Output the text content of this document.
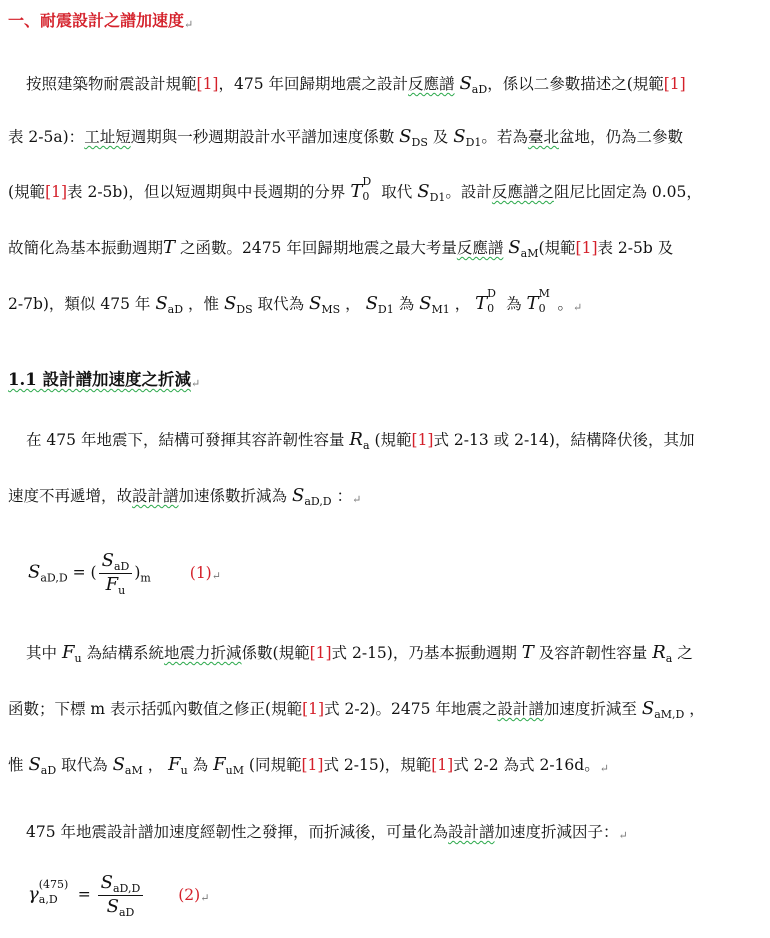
一、耐震設計之譜加速度↵
按照建築物耐震設計規範[1]，475 年回歸期地震之設計反應譜 $S_{aD}$，係以二參數描述之(規範[1]
表 2-5a)：工址短週期與一秒週期設計水平譜加速度係數 $S_{DS}$ 及 $S_{D1}$。若為臺北盆地，仍為二參數
(規範[1]表 2-5b)，但以短週期與中長週期的分界 T D
0 取代 $S_{D1}$。設計反應譜之阻尼比固定為 0.05，
故簡化為基本振動週期T 之函數。2475 年回歸期地震之最大考量反應譜 $S_{aM}$(規範[1]表 2-5b 及
2-7b)，類似 475 年 $S_{aD}$ ，惟 $S_{DS}$ 取代為 $S_{MS}$ ， $S_{D1}$ 為 $S_{M1}$ ， T D
0 為 T M
0 。↵
1.1 設計譜加速度之折減↵
在 475 年地震下，結構可發揮其容許韌性容量 $R_a$ (規範[1]式 2-13 或 2-14)，結構降伏後，其加
速度不再遞增，故設計譜加速係數折減為 $S_{aD,D}$ ：↵
$S_{aD,D}$ = ( $\frac{S_{aD}}{F_u} )_m$	(1)↵
其中 $F_u$ 為結構系統地震力折減係數(規範[1]式 2-15)，乃基本振動週期 T 及容許韌性容量 $R_a$ 之
函數；下標 m 表示括弧內數值之修正(規範[1]式 2-2)。2475 年地震之設計譜加速度折減至 $S_{aM,D}$ ，
惟 $S_{aD}$ 取代為 $S_{aM}$ ， $F_u$ 為 $F_{uM}$ (同規範[1]式 2-15)，規範[1]式 2-2 為式 2-16d。↵
475 年地震設計譜加速度經韌性之發揮，而折減後，可量化為設計譜加速度折減因子：↵
γ (475)
$a,D = \frac{S_{aD,D}}{S_{aD}}$ (2)↵
